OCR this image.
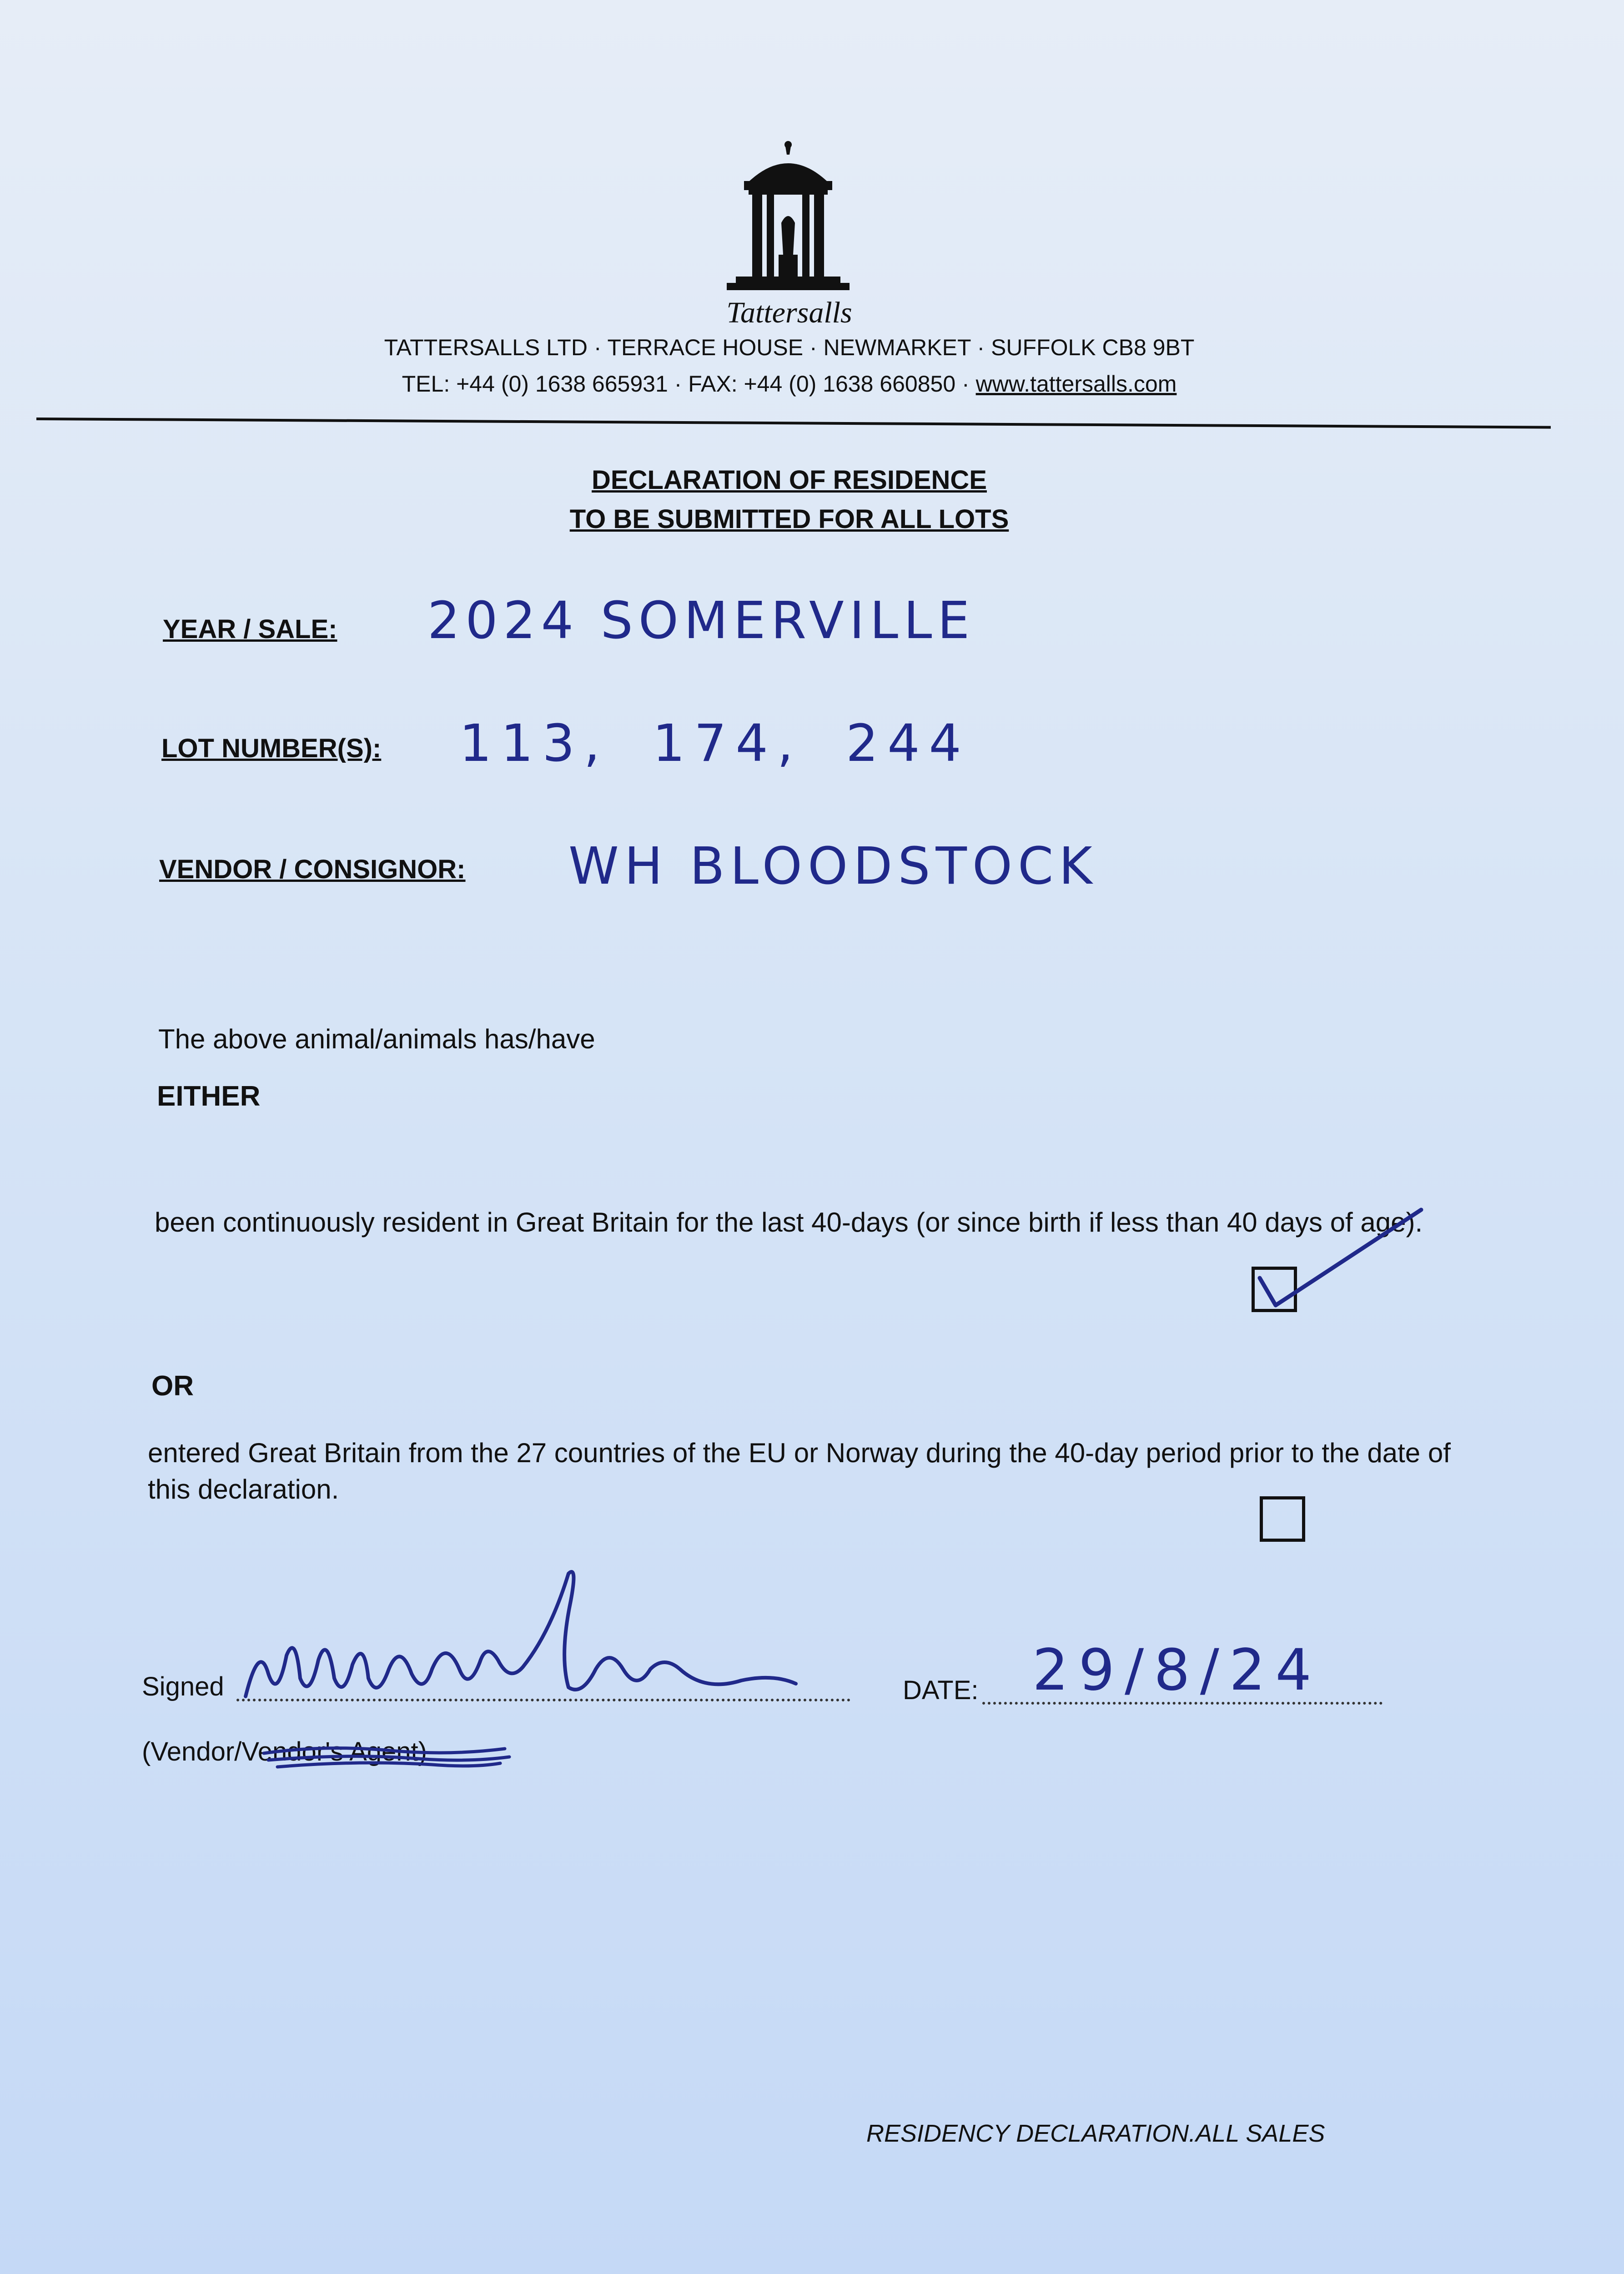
Tattersalls
TATTERSALLS LTD · TERRACE HOUSE · NEWMARKET · SUFFOLK CB8 9BT
TEL: +44 (0) 1638 665931 · FAX: +44 (0) 1638 660850 · www.tattersalls.com
DECLARATION OF RESIDENCE
TO BE SUBMITTED FOR ALL LOTS
YEAR / SALE: 2024 SOMERVILLE
LOT NUMBER(S): 113, 174, 244
VENDOR / CONSIGNOR: WH BLOODSTOCK
The above animal/animals has/have
EITHER
been continuously resident in Great Britain for the last 40-days (or since birth if less than 40 days of age).
OR
entered Great Britain from the 27 countries of the EU or Norway during the 40-day period prior to the date of this declaration.
Signed	DATE: 29/8/24
(Vendor/Vendor's Agent)
RESIDENCY DECLARATION.ALL SALES
